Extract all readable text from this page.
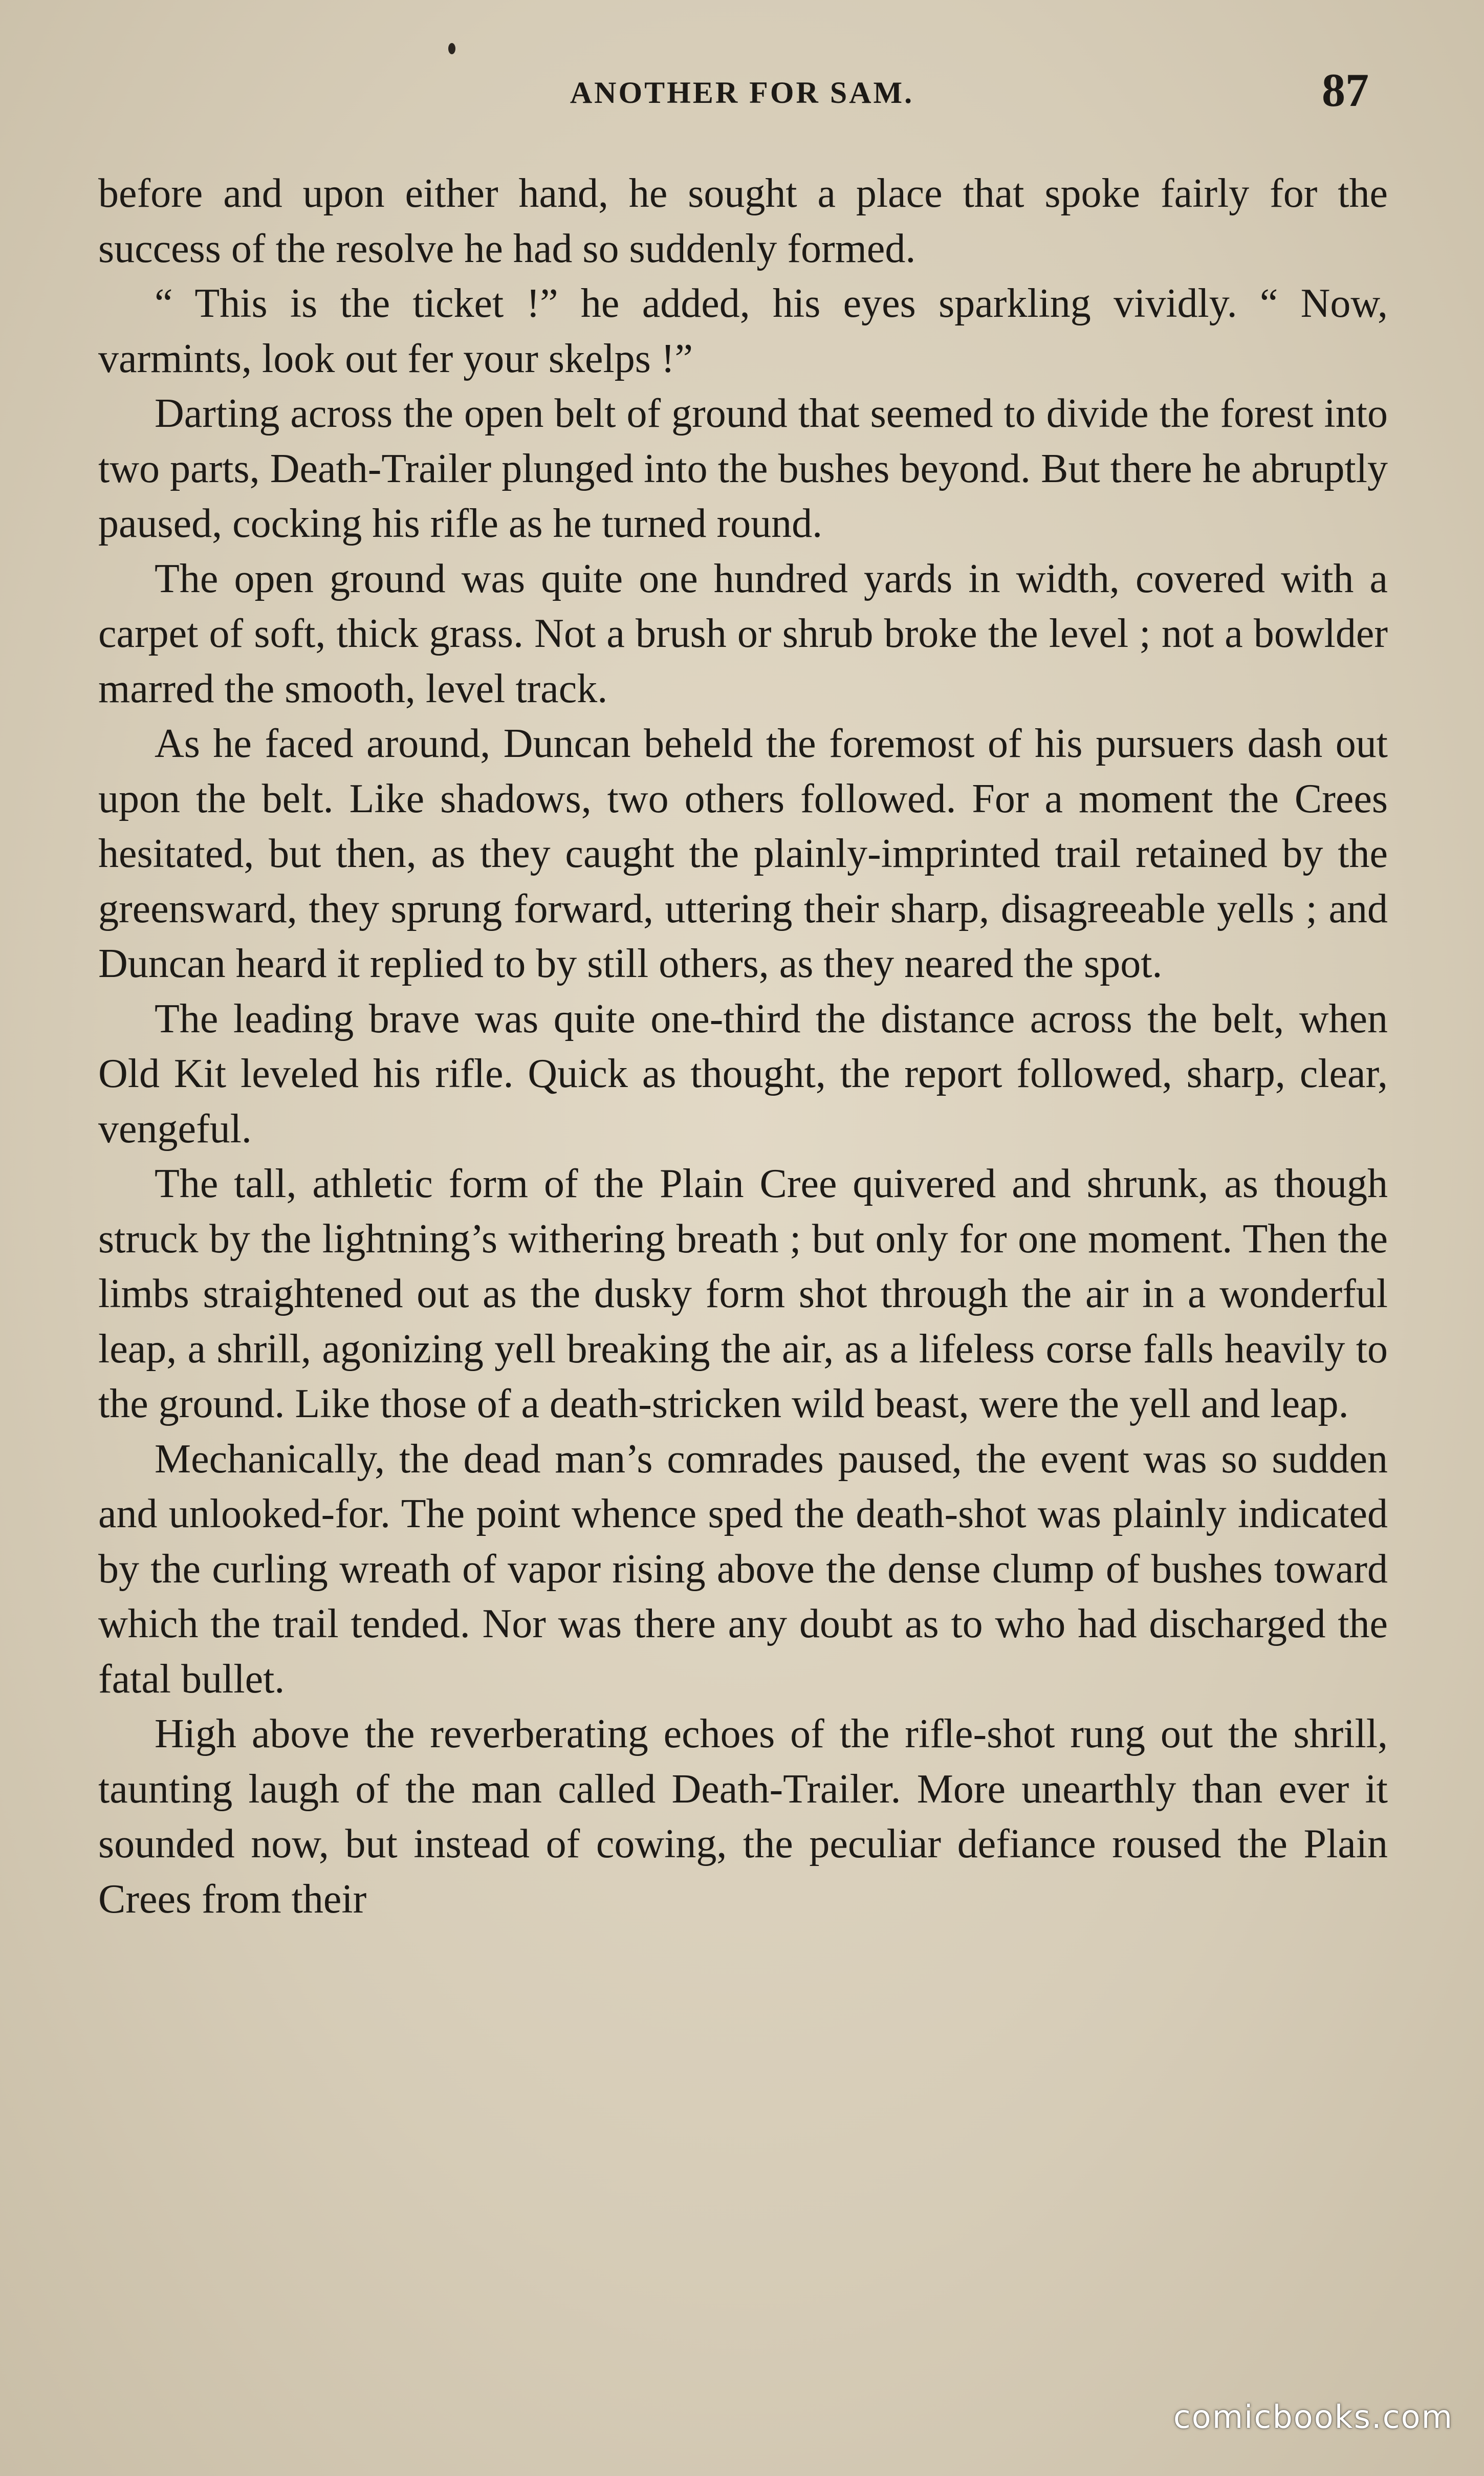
ANOTHER FOR SAM.	87

before and upon either hand, he sought a place that spoke fairly for the success of the resolve he had so suddenly formed.

“ This is the ticket !” he added, his eyes sparkling vividly. “ Now, varmints, look out fer your skelps !”

Darting across the open belt of ground that seemed to divide the forest into two parts, Death-Trailer plunged into the bushes beyond. But there he abruptly paused, cocking his rifle as he turned round.

The open ground was quite one hundred yards in width, covered with a carpet of soft, thick grass. Not a brush or shrub broke the level ; not a bowlder marred the smooth, level track.

As he faced around, Duncan beheld the foremost of his pursuers dash out upon the belt. Like shadows, two others followed. For a moment the Crees hesitated, but then, as they caught the plainly-imprinted trail retained by the greensward, they sprung forward, uttering their sharp, disagreeable yells ; and Duncan heard it replied to by still others, as they neared the spot.

The leading brave was quite one-third the distance across the belt, when Old Kit leveled his rifle. Quick as thought, the report followed, sharp, clear, vengeful.

The tall, athletic form of the Plain Cree quivered and shrunk, as though struck by the lightning’s withering breath ; but only for one moment. Then the limbs straightened out as the dusky form shot through the air in a wonderful leap, a shrill, agonizing yell breaking the air, as a lifeless corse falls heavily to the ground. Like those of a death-stricken wild beast, were the yell and leap.

Mechanically, the dead man’s comrades paused, the event was so sudden and unlooked-for. The point whence sped the death-shot was plainly indicated by the curling wreath of vapor rising above the dense clump of bushes toward which the trail tended. Nor was there any doubt as to who had discharged the fatal bullet.

High above the reverberating echoes of the rifle-shot rung out the shrill, taunting laugh of the man called Death-Trailer. More unearthly than ever it sounded now, but instead of cowing, the peculiar defiance roused the Plain Crees from their

comicbooks.com
